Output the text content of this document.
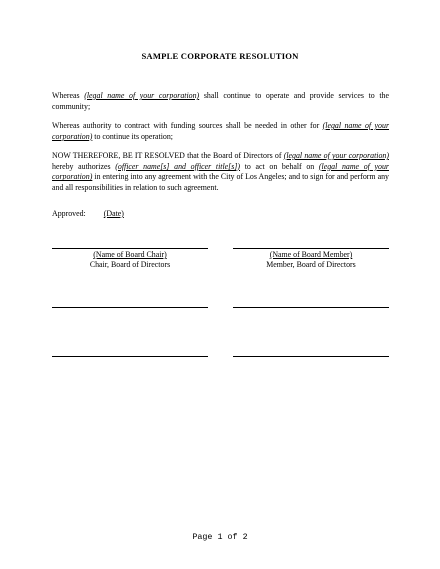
SAMPLE CORPORATE RESOLUTION
Whereas (legal name of your corporation) shall continue to operate and provide services to the community;
Whereas authority to contract with funding sources shall be needed in other for (legal name of your corporation) to continue its operation;
NOW THEREFORE, BE IT RESOLVED that the Board of Directors of (legal name of your corporation) hereby authorizes (officer name[s] and officer title[s]) to act on behalf on (legal name of your corporation) in entering into any agreement with the City of Los Angeles; and to sign for and perform any and all responsibilities in relation to such agreement.
Approved: (Date)
(Name of Board Chair)
Chair, Board of Directors
(Name of Board Member)
Member, Board of Directors
Page 1 of 2
